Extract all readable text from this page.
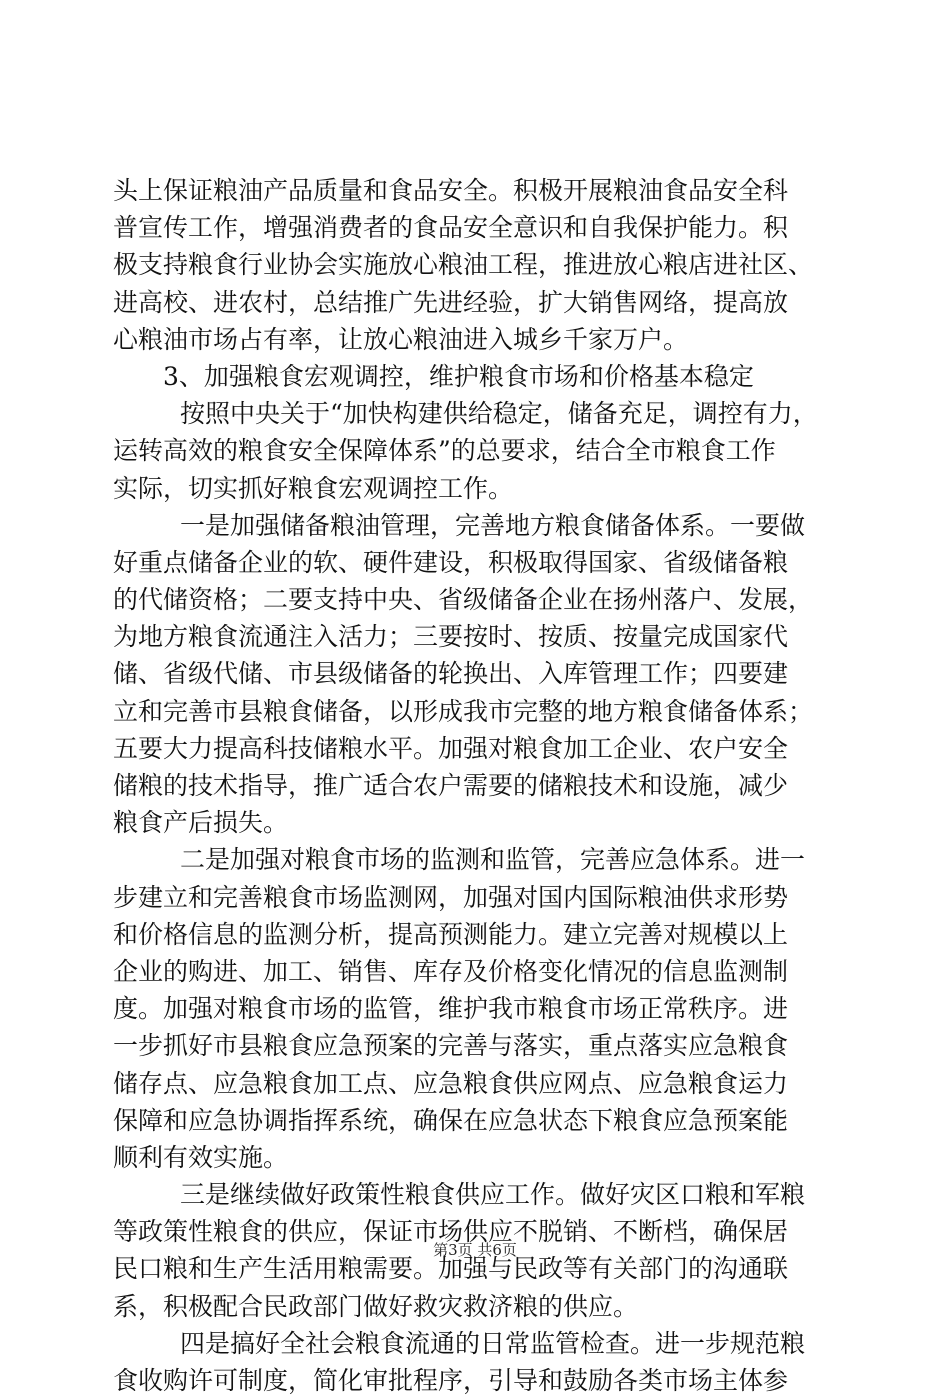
头上保证粮油产品质量和食品安全。积极开展粮油食品安全科
普宣传工作，增强消费者的食品安全意识和自我保护能力。积
极支持粮食行业协会实施放心粮油工程，推进放心粮店进社区、
进高校、进农村，总结推广先进经验，扩大销售网络，提高放
心粮油市场占有率，让放心粮油进入城乡千家万户。
3、加强粮食宏观调控，维护粮食市场和价格基本稳定
按照中央关于“加快构建供给稳定，储备充足，调控有力，
运转高效的粮食安全保障体系”的总要求，结合全市粮食工作
实际，切实抓好粮食宏观调控工作。
一是加强储备粮油管理，完善地方粮食储备体系。一要做
好重点储备企业的软、硬件建设，积极取得国家、省级储备粮
的代储资格；二要支持中央、省级储备企业在扬州落户、发展，
为地方粮食流通注入活力；三要按时、按质、按量完成国家代
储、省级代储、市县级储备的轮换出、入库管理工作；四要建
立和完善市县粮食储备，以形成我市完整的地方粮食储备体系；
五要大力提高科技储粮水平。加强对粮食加工企业、农户安全
储粮的技术指导，推广适合农户需要的储粮技术和设施，减少
粮食产后损失。
二是加强对粮食市场的监测和监管，完善应急体系。进一
步建立和完善粮食市场监测网，加强对国内国际粮油供求形势
和价格信息的监测分析，提高预测能力。建立完善对规模以上
企业的购进、加工、销售、库存及价格变化情况的信息监测制
度。加强对粮食市场的监管，维护我市粮食市场正常秩序。进
一步抓好市县粮食应急预案的完善与落实，重点落实应急粮食
储存点、应急粮食加工点、应急粮食供应网点、应急粮食运力
保障和应急协调指挥系统，确保在应急状态下粮食应急预案能
顺利有效实施。
三是继续做好政策性粮食供应工作。做好灾区口粮和军粮
等政策性粮食的供应，保证市场供应不脱销、不断档，确保居
民口粮和生产生活用粮需要。加强与民政等有关部门的沟通联
系，积极配合民政部门做好救灾救济粮的供应。
四是搞好全社会粮食流通的日常监管检查。进一步规范粮
食收购许可制度，简化审批程序，引导和鼓励各类市场主体参
第3页 共6页
